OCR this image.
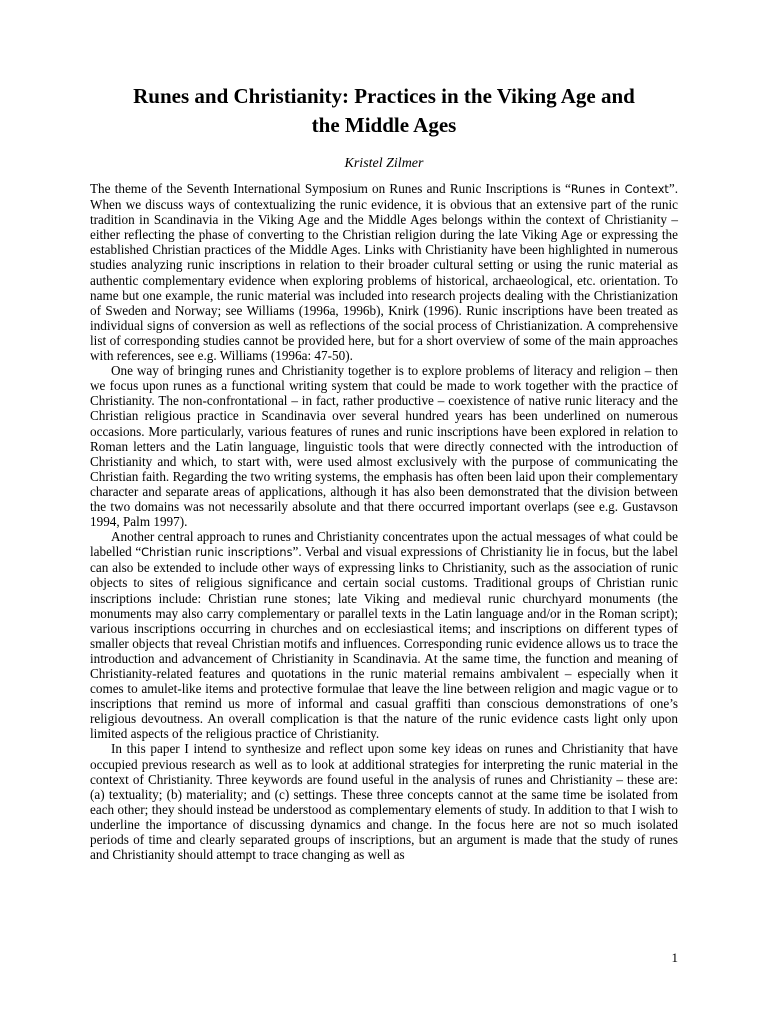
Runes and Christianity: Practices in the Viking Age and
the Middle Ages
Kristel Zilmer

The theme of the Seventh International Symposium on Runes and Runic Inscriptions is “Runes in Context”. When we discuss ways of contextualizing the runic evidence, it is obvious that an extensive part of the runic tradition in Scandinavia in the Viking Age and the Middle Ages belongs within the context of Christianity – either reflecting the phase of converting to the Christian religion during the late Viking Age or expressing the established Christian practices of the Middle Ages. Links with Christianity have been highlighted in numerous studies analyzing runic inscriptions in relation to their broader cultural setting or using the runic material as authentic complementary evidence when exploring problems of historical, archaeological, etc. orientation. To name but one example, the runic material was included into research projects dealing with the Christianization of Sweden and Norway; see Williams (1996a, 1996b), Knirk (1996). Runic inscriptions have been treated as individual signs of conversion as well as reflections of the social process of Christianization. A comprehensive list of corresponding studies cannot be provided here, but for a short overview of some of the main approaches with references, see e.g. Williams (1996a: 47-50).

One way of bringing runes and Christianity together is to explore problems of literacy and religion – then we focus upon runes as a functional writing system that could be made to work together with the practice of Christianity. The non-confrontational – in fact, rather productive – coexistence of native runic literacy and the Christian religious practice in Scandinavia over several hundred years has been underlined on numerous occasions. More particularly, various features of runes and runic inscriptions have been explored in relation to Roman letters and the Latin language, linguistic tools that were directly connected with the introduction of Christianity and which, to start with, were used almost exclusively with the purpose of communicating the Christian faith. Regarding the two writing systems, the emphasis has often been laid upon their complementary character and separate areas of applications, although it has also been demonstrated that the division between the two domains was not necessarily absolute and that there occurred important overlaps (see e.g. Gustavson 1994, Palm 1997).

Another central approach to runes and Christianity concentrates upon the actual messages of what could be labelled “Christian runic inscriptions”. Verbal and visual expressions of Christianity lie in focus, but the label can also be extended to include other ways of expressing links to Christianity, such as the association of runic objects to sites of religious significance and certain social customs. Traditional groups of Christian runic inscriptions include: Christian rune stones; late Viking and medieval runic churchyard monuments (the monuments may also carry complementary or parallel texts in the Latin language and/or in the Roman script); various inscriptions occurring in churches and on ecclesiastical items; and inscriptions on different types of smaller objects that reveal Christian motifs and influences. Corresponding runic evidence allows us to trace the introduction and advancement of Christianity in Scandinavia. At the same time, the function and meaning of Christianity-related features and quotations in the runic material remains ambivalent – especially when it comes to amulet-like items and protective formulae that leave the line between religion and magic vague or to inscriptions that remind us more of informal and casual graffiti than conscious demonstrations of one’s religious devoutness. An overall complication is that the nature of the runic evidence casts light only upon limited aspects of the religious practice of Christianity.

In this paper I intend to synthesize and reflect upon some key ideas on runes and Christianity that have occupied previous research as well as to look at additional strategies for interpreting the runic material in the context of Christianity. Three keywords are found useful in the analysis of runes and Christianity – these are: (a) textuality; (b) materiality; and (c) settings. These three concepts cannot at the same time be isolated from each other; they should instead be understood as complementary elements of study. In addition to that I wish to underline the importance of discussing dynamics and change. In the focus here are not so much isolated periods of time and clearly separated groups of inscriptions, but an argument is made that the study of runes and Christianity should attempt to trace changing as well as

1
